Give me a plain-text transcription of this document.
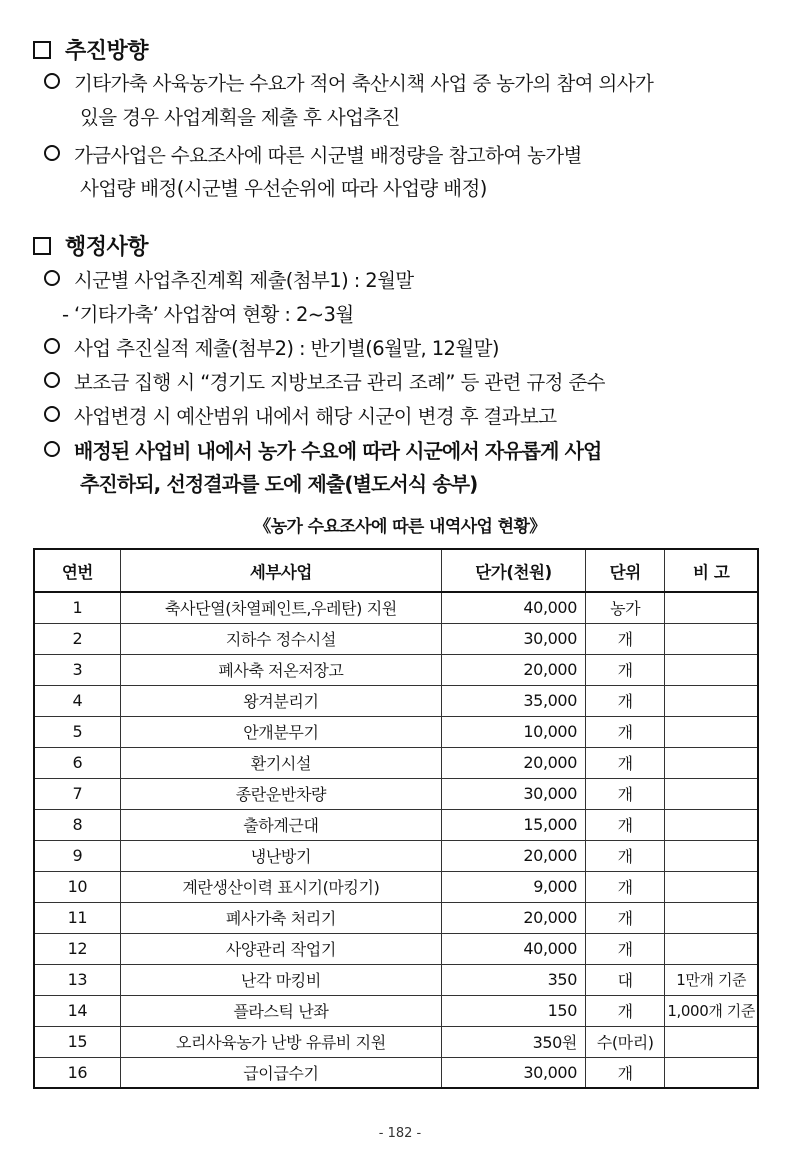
추진방향
기타가축 사육농가는 수요가 적어 축산시책 사업 중 농가의 참여 의사가
있을 경우 사업계획을 제출 후 사업추진
가금사업은 수요조사에 따른 시군별 배정량을 참고하여 농가별
사업량 배정(시군별 우선순위에 따라 사업량 배정)
행정사항
시군별 사업추진계획 제출(첨부1) : 2월말
- ‘기타가축’ 사업참여 현황 : 2~3월
사업 추진실적 제출(첨부2) : 반기별(6월말, 12월말)
보조금 집행 시 “경기도 지방보조금 관리 조례” 등 관련 규정 준수
사업변경 시 예산범위 내에서 해당 시군이 변경 후 결과보고
배정된 사업비 내에서 농가 수요에 따라 시군에서 자유롭게 사업
추진하되, 선정결과를 도에 제출(별도서식 송부)
《농가 수요조사에 따른 내역사업 현황》
연번	세부사업	단가(천원)	단위	비 고
1	축사단열(차열페인트,우레탄) 지원	40,000	농가	
2	지하수 정수시설	30,000	개	
3	폐사축 저온저장고	20,000	개	
4	왕겨분리기	35,000	개	
5	안개분무기	10,000	개	
6	환기시설	20,000	개	
7	종란운반차량	30,000	개	
8	출하계근대	15,000	개	
9	냉난방기	20,000	개	
10	계란생산이력 표시기(마킹기)	9,000	개	
11	폐사가축 처리기	20,000	개	
12	사양관리 작업기	40,000	개	
13	난각 마킹비	350	대	1만개 기준
14	플라스틱 난좌	150	개	1,000개 기준
15	오리사육농가 난방 유류비 지원	350원	수(마리)	
16	급이급수기	30,000	개	
- 182 -
